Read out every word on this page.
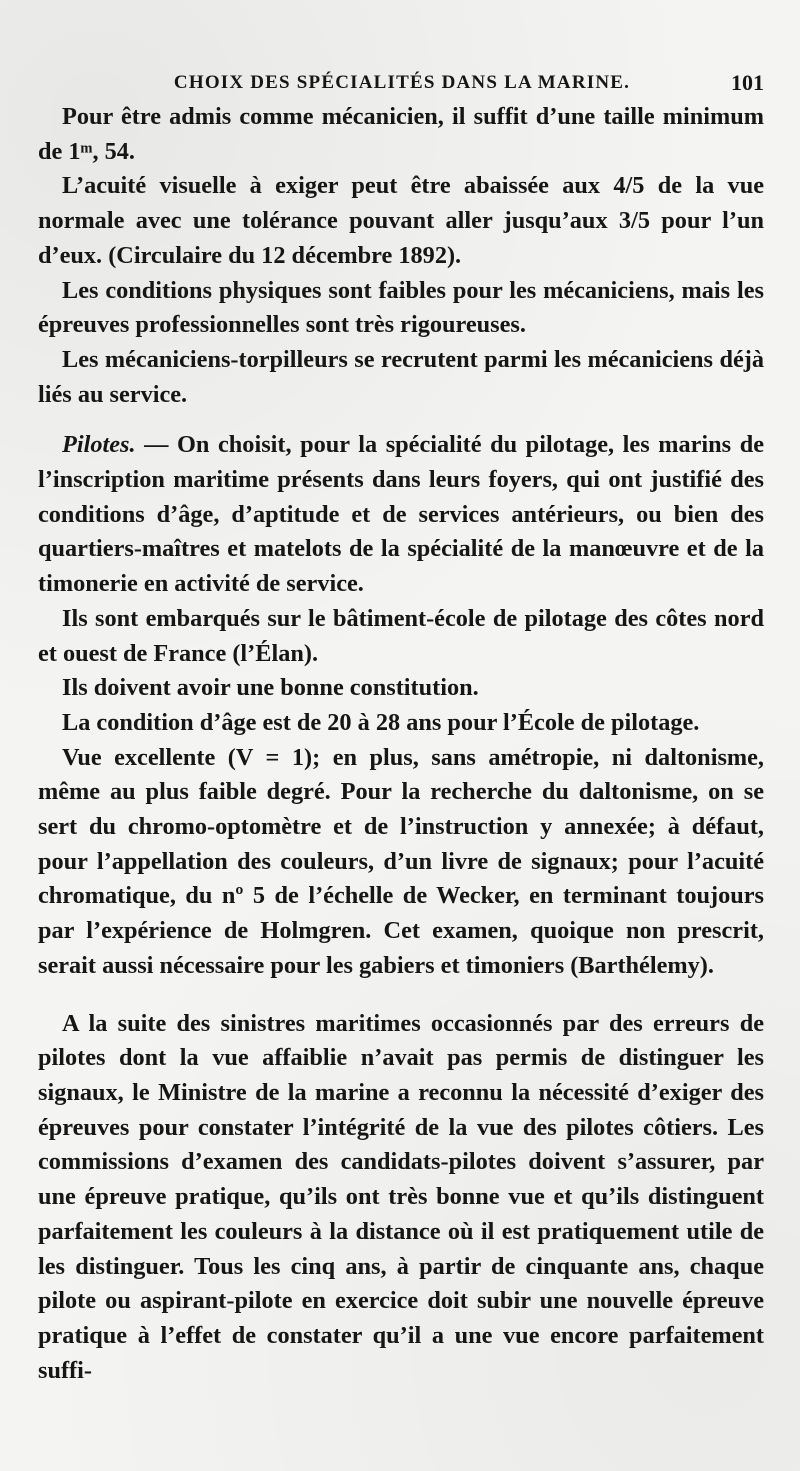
CHOIX DES SPÉCIALITÉS DANS LA MARINE.	101

Pour être admis comme mécanicien, il suffit d’une taille minimum de 1ᵐ, 54.

L’acuité visuelle à exiger peut être abaissée aux 4/5 de la vue normale avec une tolérance pouvant aller jusqu’aux 3/5 pour l’un d’eux. (Circulaire du 12 décembre 1892).

Les conditions physiques sont faibles pour les mécaniciens, mais les épreuves professionnelles sont très rigoureuses.

Les mécaniciens-torpilleurs se recrutent parmi les mécaniciens déjà liés au service.

Pilotes. — On choisit, pour la spécialité du pilotage, les marins de l’inscription maritime présents dans leurs foyers, qui ont justifié des conditions d’âge, d’aptitude et de services antérieurs, ou bien des quartiers-maîtres et matelots de la spécialité de la manœuvre et de la timonerie en activité de service.

Ils sont embarqués sur le bâtiment-école de pilotage des côtes nord et ouest de France (l’Élan).

Ils doivent avoir une bonne constitution.

La condition d’âge est de 20 à 28 ans pour l’École de pilotage.

Vue excellente (V = 1); en plus, sans amétropie, ni daltonisme, même au plus faible degré. Pour la recherche du daltonisme, on se sert du chromo-optomètre et de l’instruction y annexée; à défaut, pour l’appellation des couleurs, d’un livre de signaux; pour l’acuité chromatique, du nº 5 de l’échelle de Wecker, en terminant toujours par l’expérience de Holmgren. Cet examen, quoique non prescrit, serait aussi nécessaire pour les gabiers et timoniers (Barthélemy).

A la suite des sinistres maritimes occasionnés par des erreurs de pilotes dont la vue affaiblie n’avait pas permis de distinguer les signaux, le Ministre de la marine a reconnu la nécessité d’exiger des épreuves pour constater l’intégrité de la vue des pilotes côtiers. Les commissions d’examen des candidats-pilotes doivent s’assurer, par une épreuve pratique, qu’ils ont très bonne vue et qu’ils distinguent parfaitement les couleurs à la distance où il est pratiquement utile de les distinguer. Tous les cinq ans, à partir de cinquante ans, chaque pilote ou aspirant-pilote en exercice doit subir une nouvelle épreuve pratique à l’effet de constater qu’il a une vue encore parfaitement suffi-
